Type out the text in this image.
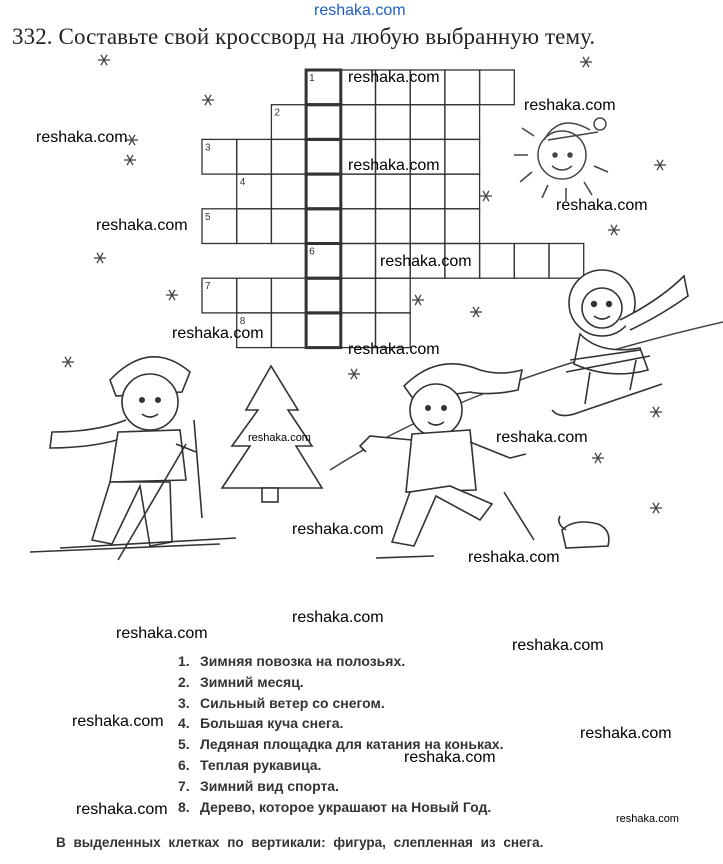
1
2
3
4
5
6
7
8
reshaka.com
reshaka.com
reshaka.com
reshaka.com
reshaka.com
reshaka.com
reshaka.com
reshaka.com
reshaka.com
reshaka.com
reshaka.com	reshaka.com
reshaka.com
reshaka.com
reshaka.com
reshaka.com
reshaka.com
reshaka.com
reshaka.com
reshaka.com
reshaka.com
reshaka.com
332. Составьте свой кроссворд на любую выбранную тему.
1. Зимняя повозка на полозьях.
2. Зимний месяц.
3. Сильный ветер со снегом.
4. Большая куча снега.
5. Ледяная площадка для катания на коньках.
6. Теплая рукавица.
7. Зимний вид спорта.
8. Дерево, которое украшают на Новый Год.
В выделенных клетках по вертикали: фигура, слепленная из снега.
